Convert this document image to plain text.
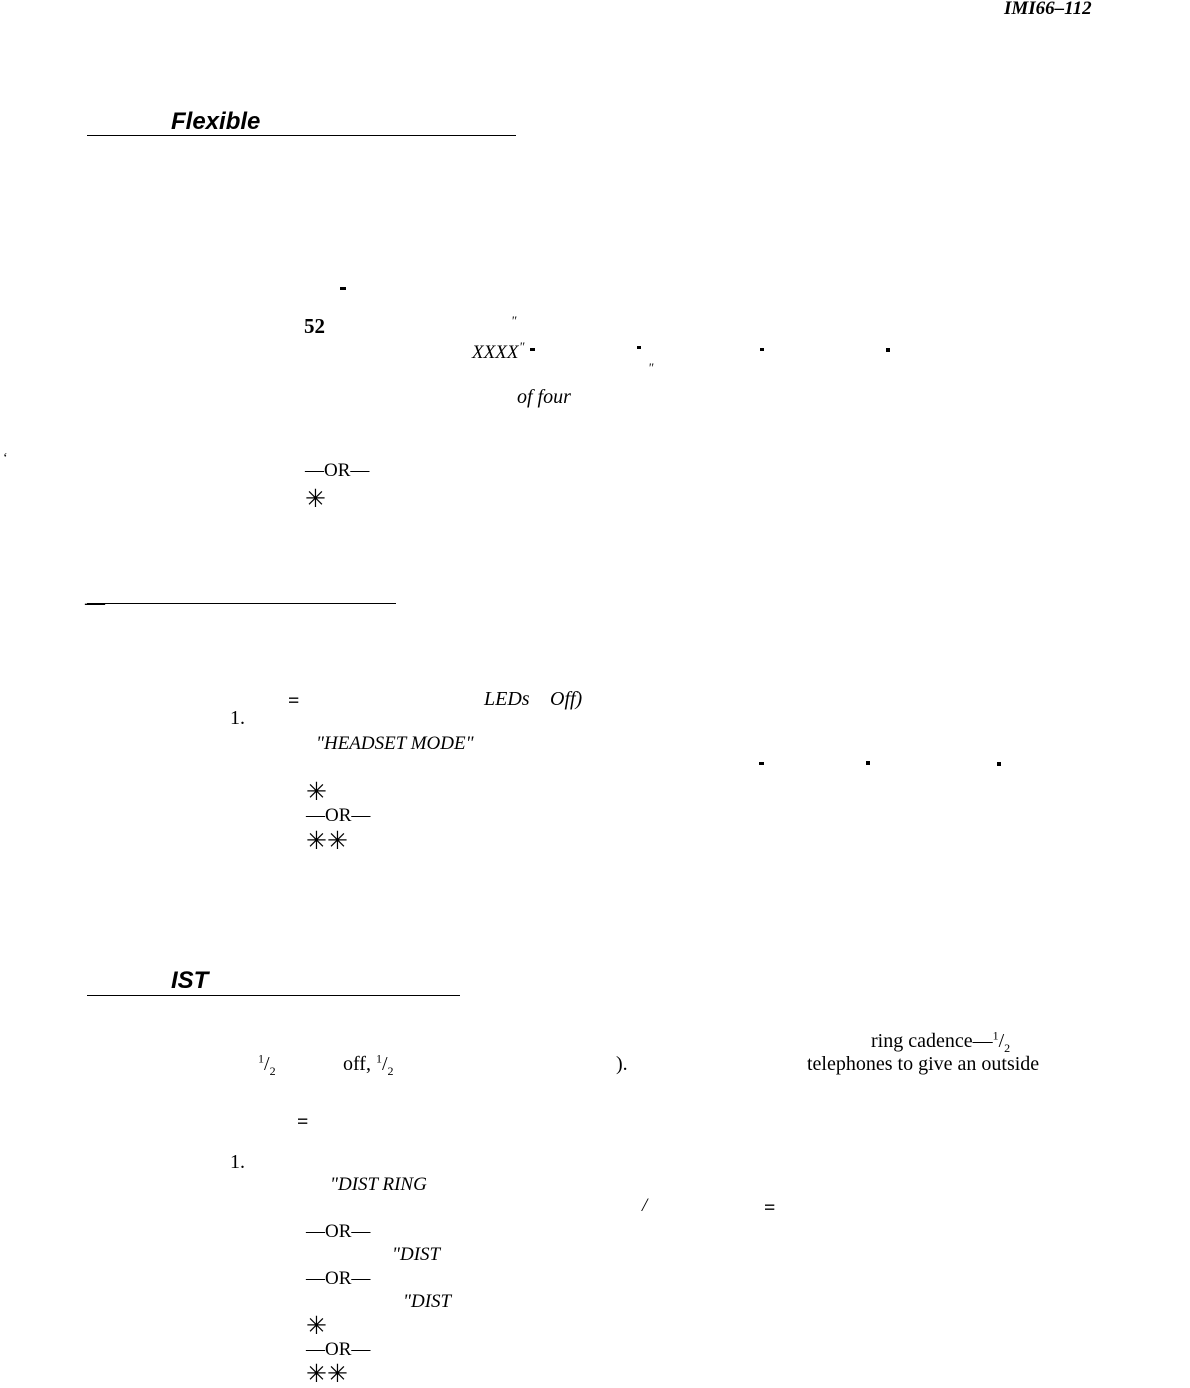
IMI66–112
Flexible
52	"
XXXX "
"
of four
‘
—OR—
✳
—
=	LEDs Off)
1.
"HEADSET MODE"
✳
—OR—
✳✳
IST
ring $cadence—^1/_2$
$^1/_2$	off, $^1/_2$	).	telephones to give an outside
=
1.
"DIST RING
/	=
—OR—
"DIST
—OR—
"DIST
✳
—OR—
✳✳
